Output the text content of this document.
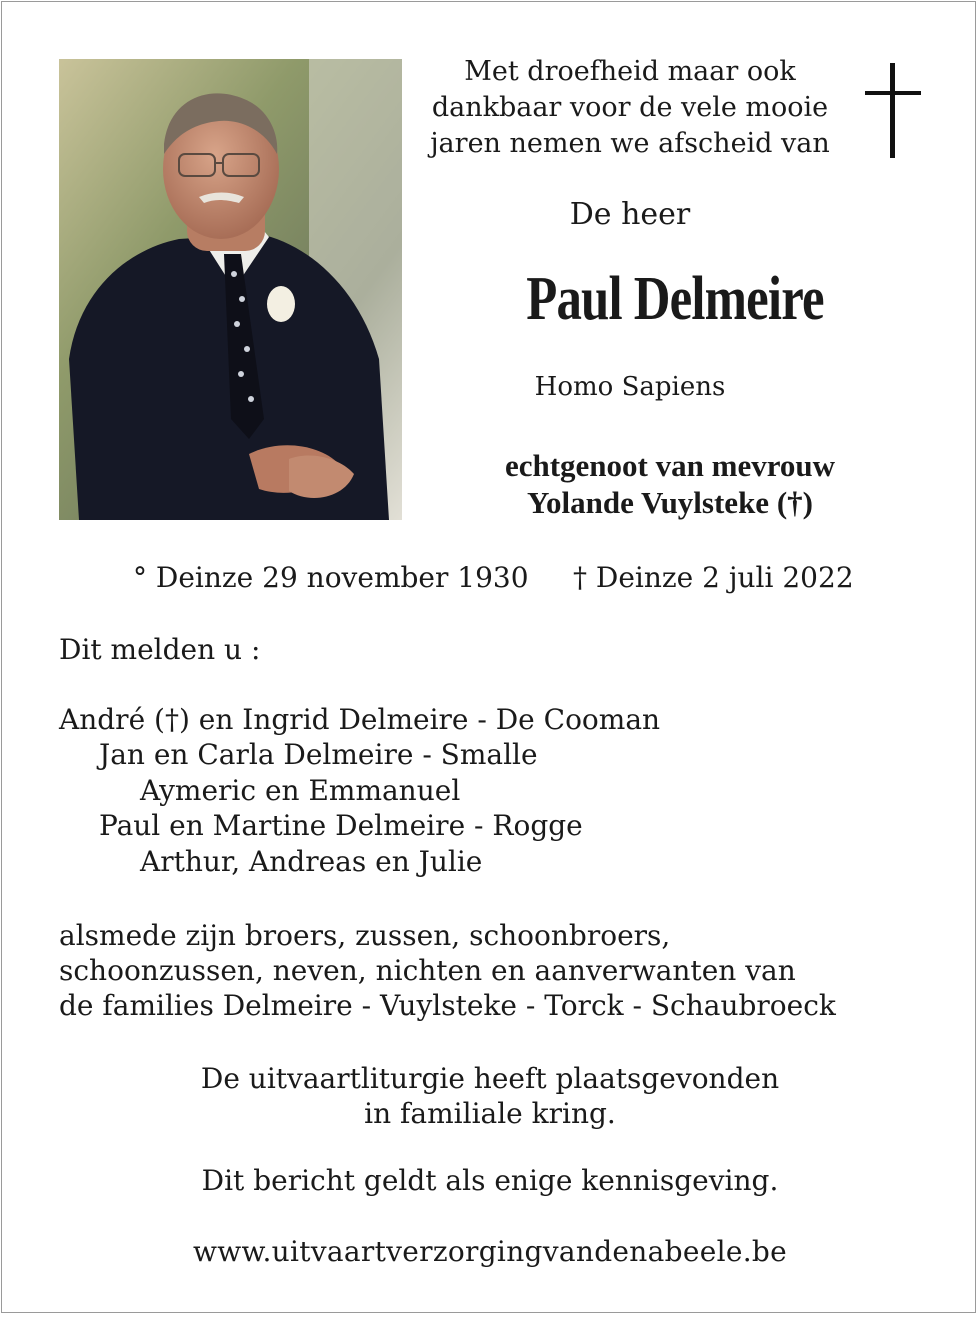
Met droefheid maar ook
dankbaar voor de vele mooie
jaren nemen we afscheid van
De heer
Paul Delmeire
Homo Sapiens
echtgenoot van mevrouw
Yolande Vuylsteke (†)
° Deinze 29 november 1930 † Deinze 2 juli 2022
Dit melden u :
André (†) en Ingrid Delmeire - De Cooman
Jan en Carla Delmeire - Smalle
Aymeric en Emmanuel
Paul en Martine Delmeire - Rogge
Arthur, Andreas en Julie
alsmede zijn broers, zussen, schoonbroers,
schoonzussen, neven, nichten en aanverwanten van
de families Delmeire - Vuylsteke - Torck - Schaubroeck
De uitvaartliturgie heeft plaatsgevonden
in familiale kring.
Dit bericht geldt als enige kennisgeving.
www.uitvaartverzorgingvandenabeele.be
